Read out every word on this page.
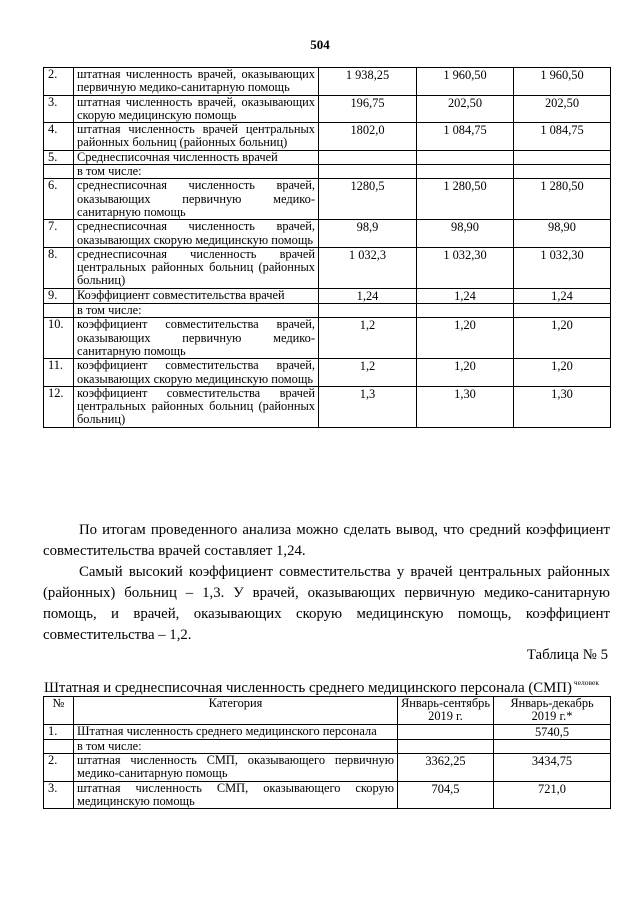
504
2.	штатная численность врачей, оказывающих первичную медико-санитарную помощь	1 938,25	1 960,50	1 960,50
3.	штатная численность врачей, оказывающих скорую медицинскую помощь	196,75	202,50	202,50
4.	штатная численность врачей центральных районных больниц (районных больниц)	1802,0	1 084,75	1 084,75
5.	Среднесписочная численность врачей			
	в том числе:			
6.	среднесписочная численность врачей, оказывающих первичную медико-санитарную помощь	1280,5	1 280,50	1 280,50
7.	среднесписочная численность врачей, оказывающих скорую медицинскую помощь	98,9	98,90	98,90
8.	среднесписочная численность врачей центральных районных больниц (районных больниц)	1 032,3	1 032,30	1 032,30
9.	Коэффициент совместительства врачей	1,24	1,24	1,24
	в том числе:			
10.	коэффициент совместительства врачей, оказывающих первичную медико-санитарную помощь	1,2	1,20	1,20
11.	коэффициент совместительства врачей, оказывающих скорую медицинскую помощь	1,2	1,20	1,20
12.	коэффициент совместительства врачей центральных районных больниц (районных больниц)	1,3	1,30	1,30

По итогам проведенного анализа можно сделать вывод, что средний коэффициент совместительства врачей составляет 1,24.

Самый высокий коэффициент совместительства у врачей центральных районных (районных) больниц – 1,3. У врачей, оказывающих первичную медико-санитарную помощь, и врачей, оказывающих скорую медицинскую помощь, коэффициент совместительства – 1,2.

Таблица № 5
Штатная и среднесписочная численность среднего медицинского персонала (СМП) $^{человек}$
№	Категория	Январь-сентябрь 2019 г.	Январь-декабрь 2019 г.*
1.	Штатная численность среднего медицинского персонала		5740,5
	в том числе:		
2.	штатная численность СМП, оказывающего первичную медико-санитарную помощь	3362,25	3434,75
3.	штатная численность СМП, оказывающего скорую медицинскую помощь	704,5	721,0
